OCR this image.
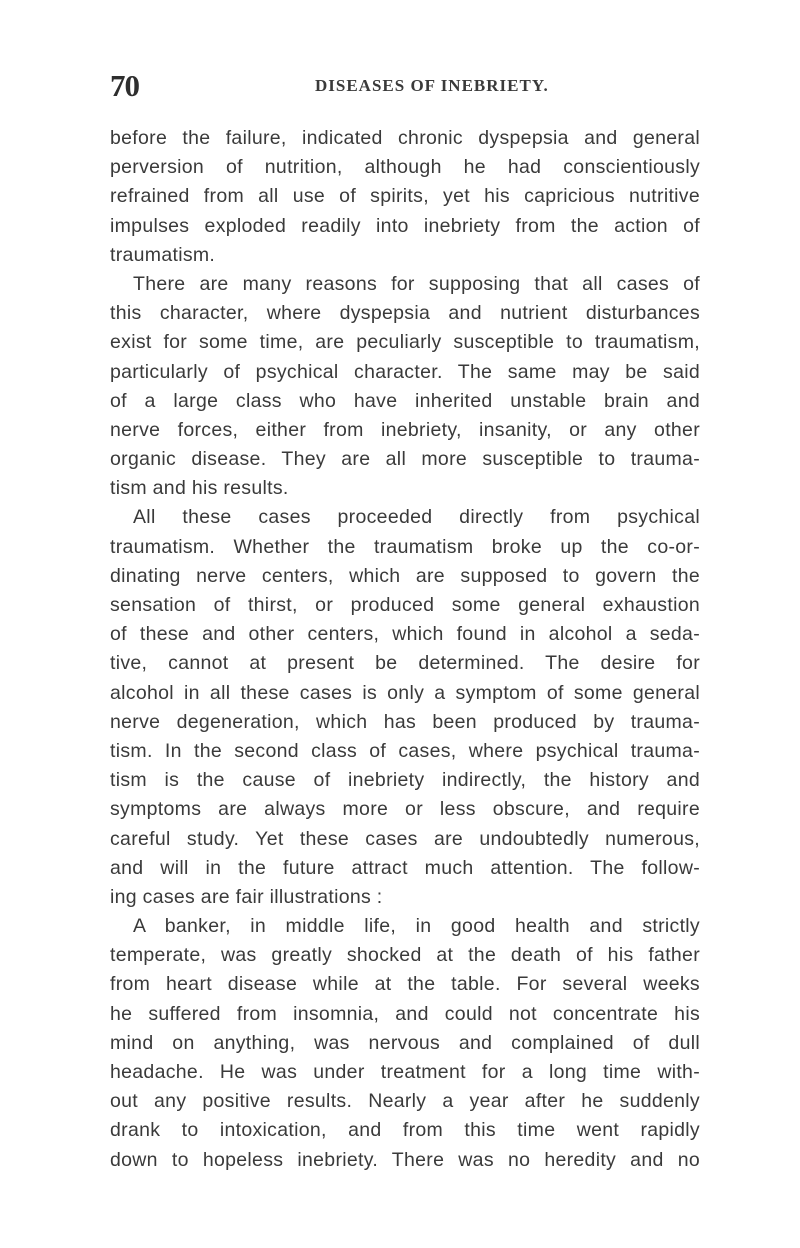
70	DISEASES OF INEBRIETY.
before the failure, indicated chronic dyspepsia and general
perversion of nutrition, although he had conscientiously
refrained from all use of spirits, yet his capricious nutritive
impulses exploded readily into inebriety from the action of
traumatism.
There are many reasons for supposing that all cases of
this character, where dyspepsia and nutrient disturbances
exist for some time, are peculiarly susceptible to traumatism,
particularly of psychical character. The same may be said
of a large class who have inherited unstable brain and
nerve forces, either from inebriety, insanity, or any other
organic disease. They are all more susceptible to trauma-
tism and his results.
All these cases proceeded directly from psychical
traumatism. Whether the traumatism broke up the co-or-
dinating nerve centers, which are supposed to govern the
sensation of thirst, or produced some general exhaustion
of these and other centers, which found in alcohol a seda-
tive, cannot at present be determined. The desire for
alcohol in all these cases is only a symptom of some general
nerve degeneration, which has been produced by trauma-
tism. In the second class of cases, where psychical trauma-
tism is the cause of inebriety indirectly, the history and
symptoms are always more or less obscure, and require
careful study. Yet these cases are undoubtedly numerous,
and will in the future attract much attention. The follow-
ing cases are fair illustrations :
A banker, in middle life, in good health and strictly
temperate, was greatly shocked at the death of his father
from heart disease while at the table. For several weeks
he suffered from insomnia, and could not concentrate his
mind on anything, was nervous and complained of dull
headache. He was under treatment for a long time with-
out any positive results. Nearly a year after he suddenly
drank to intoxication, and from this time went rapidly
down to hopeless inebriety. There was no heredity and no
